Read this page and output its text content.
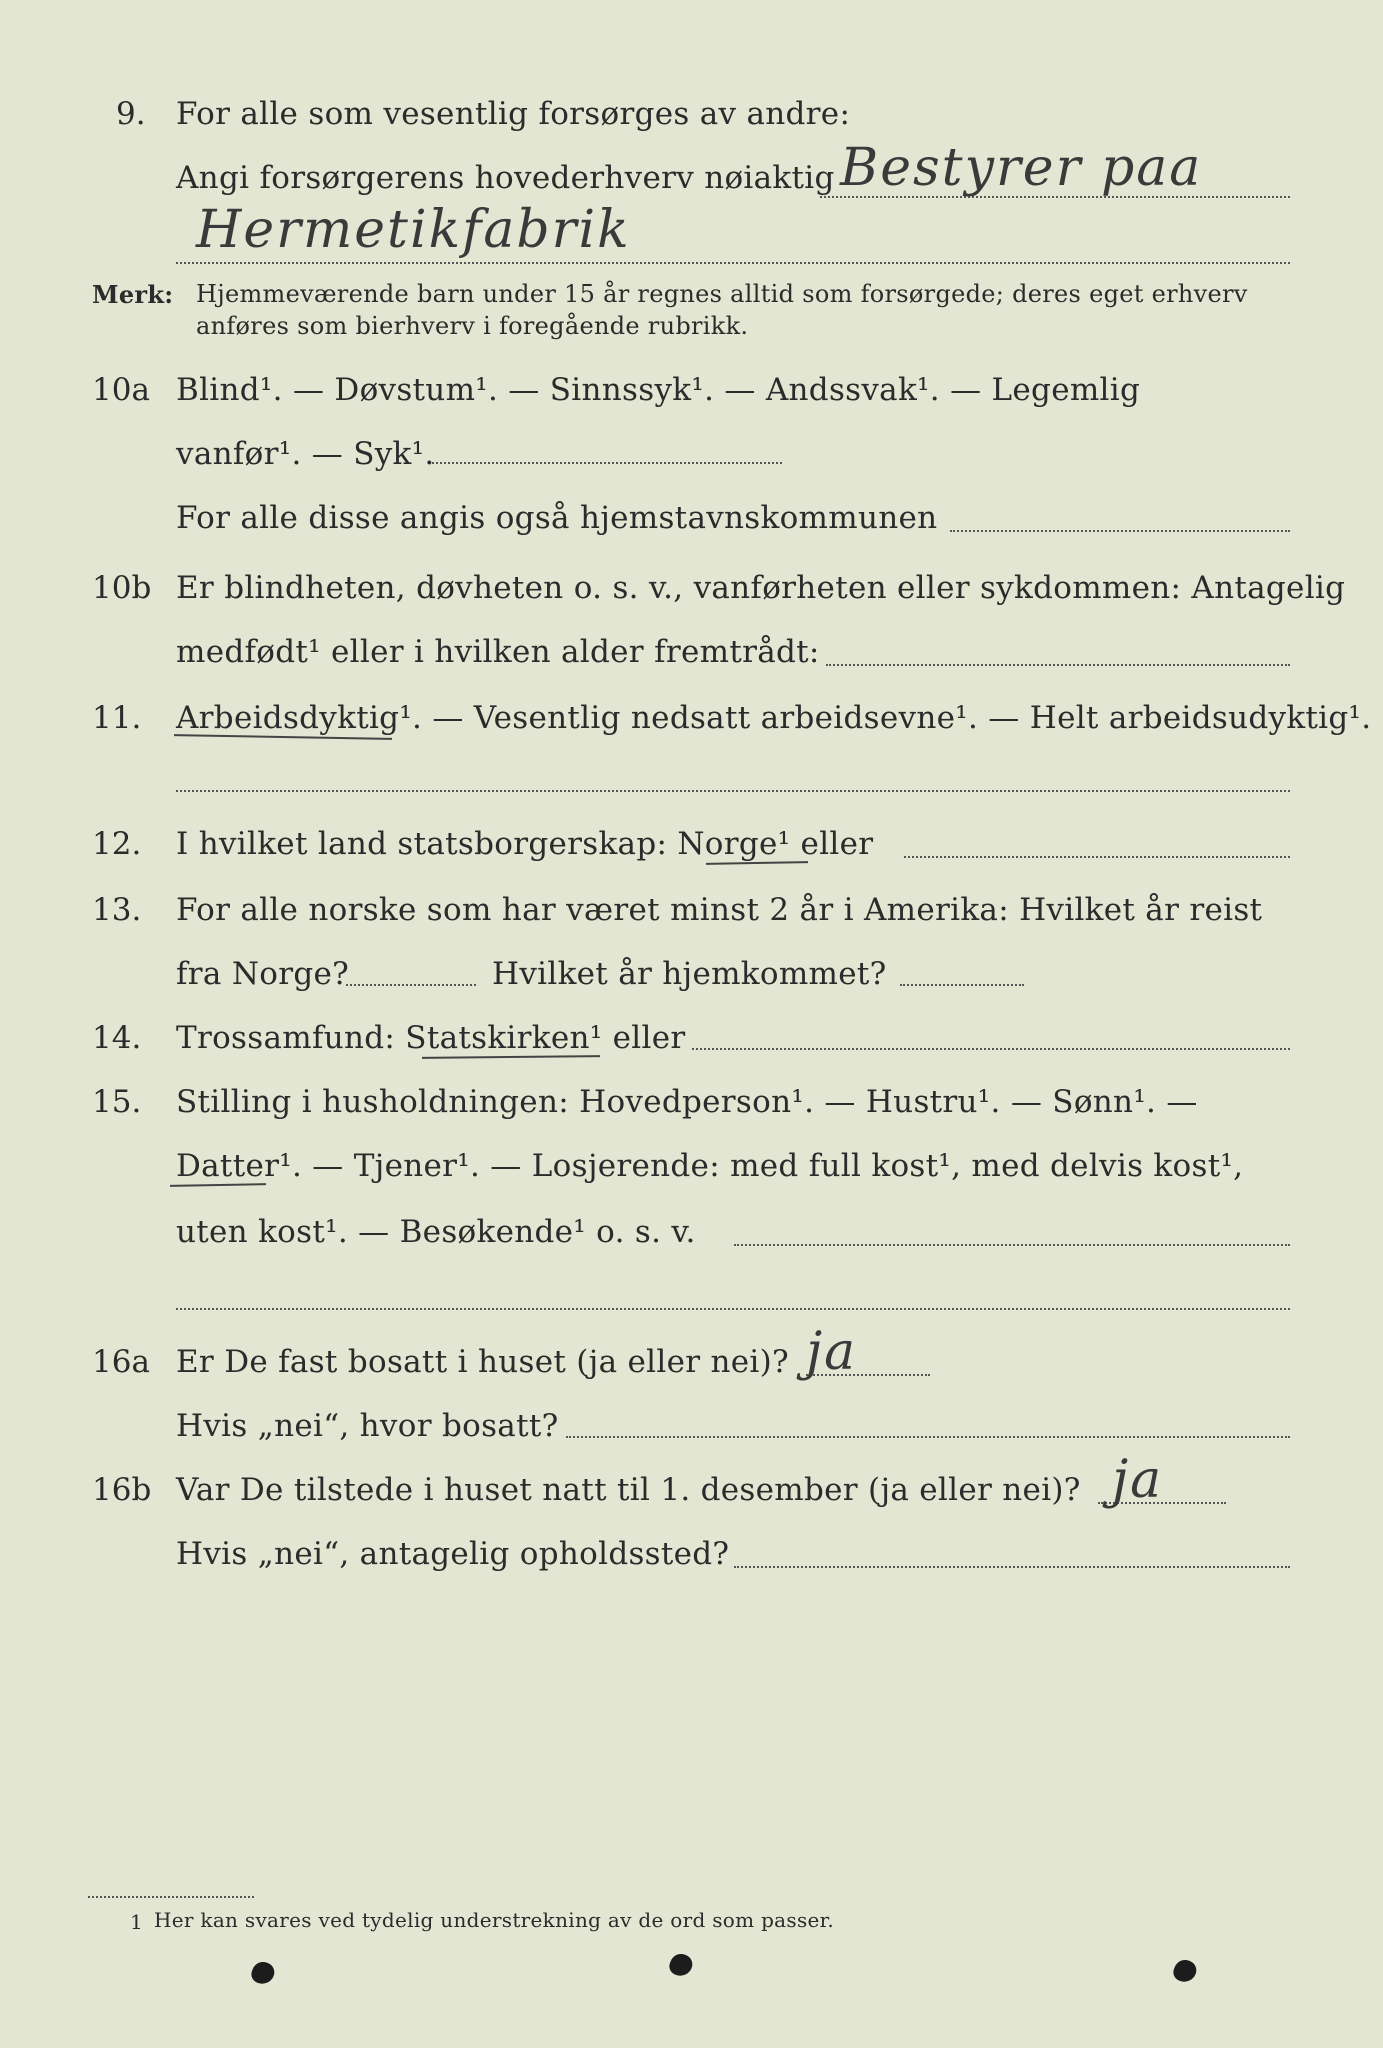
9. For alle som vesentlig forsørges av andre:
Angi forsørgerens hovederhverv nøiaktig Bestyrer paa
Hermetikfabrik
Merk: Hjemmeværende barn under 15 år regnes alltid som forsørgede; deres eget erhverv
anføres som bierhverv i foregående rubrikk.
10a Blind¹. — Døvstum¹. — Sinnssyk¹. — Andssvak¹. — Legemlig
vanfør¹. — Syk¹.
For alle disse angis også hjemstavnskommunen
10b Er blindheten, døvheten o. s. v., vanførheten eller sykdommen: Antagelig
medfødt¹ eller i hvilken alder fremtrådt:
11. Arbeidsdyktig¹. — Vesentlig nedsatt arbeidsevne¹. — Helt arbeidsudyktig¹.
12. I hvilket land statsborgerskap: Norge¹ eller
13. For alle norske som har været minst 2 år i Amerika: Hvilket år reist
fra Norge?	Hvilket år hjemkommet?
14. Trossamfund: Statskirken¹ eller
15. Stilling i husholdningen: Hovedperson¹. — Hustru¹. — Sønn¹. —
Datter¹. — Tjener¹. — Losjerende: med full kost¹, med delvis kost¹,
uten kost¹. — Besøkende¹ o. s. v.
16a Er De fast bosatt i huset (ja eller nei)? ja
Hvis „nei“, hvor bosatt?
16b Var De tilstede i huset natt til 1. desember (ja eller nei)? ja
Hvis „nei“, antagelig opholdssted?
1 Her kan svares ved tydelig understrekning av de ord som passer.
